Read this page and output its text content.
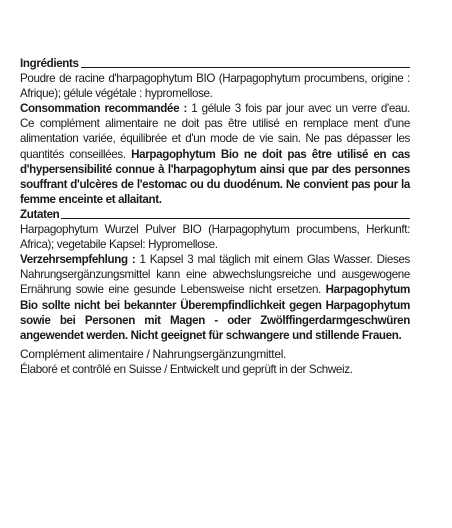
Ingrédients

Poudre de racine d'harpagophytum BIO (Harpagophytum procumbens, origine : Afrique); gélule végétale : hypromellose.

Consommation recommandée : 1 gélule 3 fois par jour avec un verre d'eau. Ce complément alimentaire ne doit pas être utilisé en remplace ment d'une alimentation variée, équilibrée et d'un mode de vie sain. Ne pas dépasser les quantités conseillées. Harpagophytum Bio ne doit pas être utilisé en cas d'hypersensibilité connue à l'harpagophytum ainsi que par des personnes souffrant d'ulcères de l'estomac ou du duodénum. Ne convient pas pour la femme enceinte et allaitant.

Zutaten

Harpagophytum Wurzel Pulver BIO (Harpagophytum procumbens, Herkunft: Africa); vegetabile Kapsel: Hypromellose.

Verzehrsempfehlung : 1 Kapsel 3 mal täglich mit einem Glas Wasser. Dieses Nahrungsergänzungsmittel kann eine abwechslungsreiche und ausgewogene Ernährung sowie eine gesunde Lebensweise nicht ersetzen. Harpagophytum Bio sollte nicht bei bekannter Überempfindlichkeit gegen Harpagophytum sowie bei Personen mit Magen - oder Zwölffingerdarmgeschwüren angewendet werden. Nicht geeignet für schwangere und stillende Frauen.

Complément alimentaire / Nahrungsergänzungmittel.
Élaboré et contrôlé en Suisse / Entwickelt und geprüft in der Schweiz.
